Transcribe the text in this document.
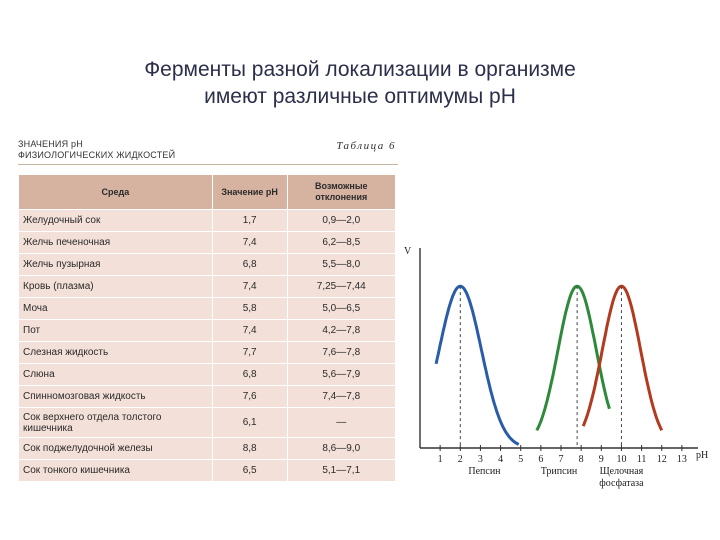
Ферменты разной локализации в организме
имеют различные оптимумы рН
ЗНАЧЕНИЯ рН
ФИЗИОЛОГИЧЕСКИХ ЖИДКОСТЕЙ
Таблица 6
Среда	Значение рН	Возможные отклонения
Желудочный сок	1,7	0,9—2,0
Желчь печеночная	7,4	6,2—8,5
Желчь пузырная	6,8	5,5—8,0
Кровь (плазма)	7,4	7,25—7,44
Моча	5,8	5,0—6,5
Пот	7,4	4,2—7,8
Слезная жидкость	7,7	7,6—7,8
Слюна	6,8	5,6—7,9
Спинномозговая жидкость	7,6	7,4—7,8
Сок верхнего отдела толстого кишечника	6,1	—
Сок поджелудочной железы	8,8	8,6—9,0
Сок тонкого кишечника	6,5	5,1—7,1
V
pH
1 2 3 4 5 6 7 8 9 10 11 12 13
Пепсин	Трипсин Щелочная
фосфатаза
